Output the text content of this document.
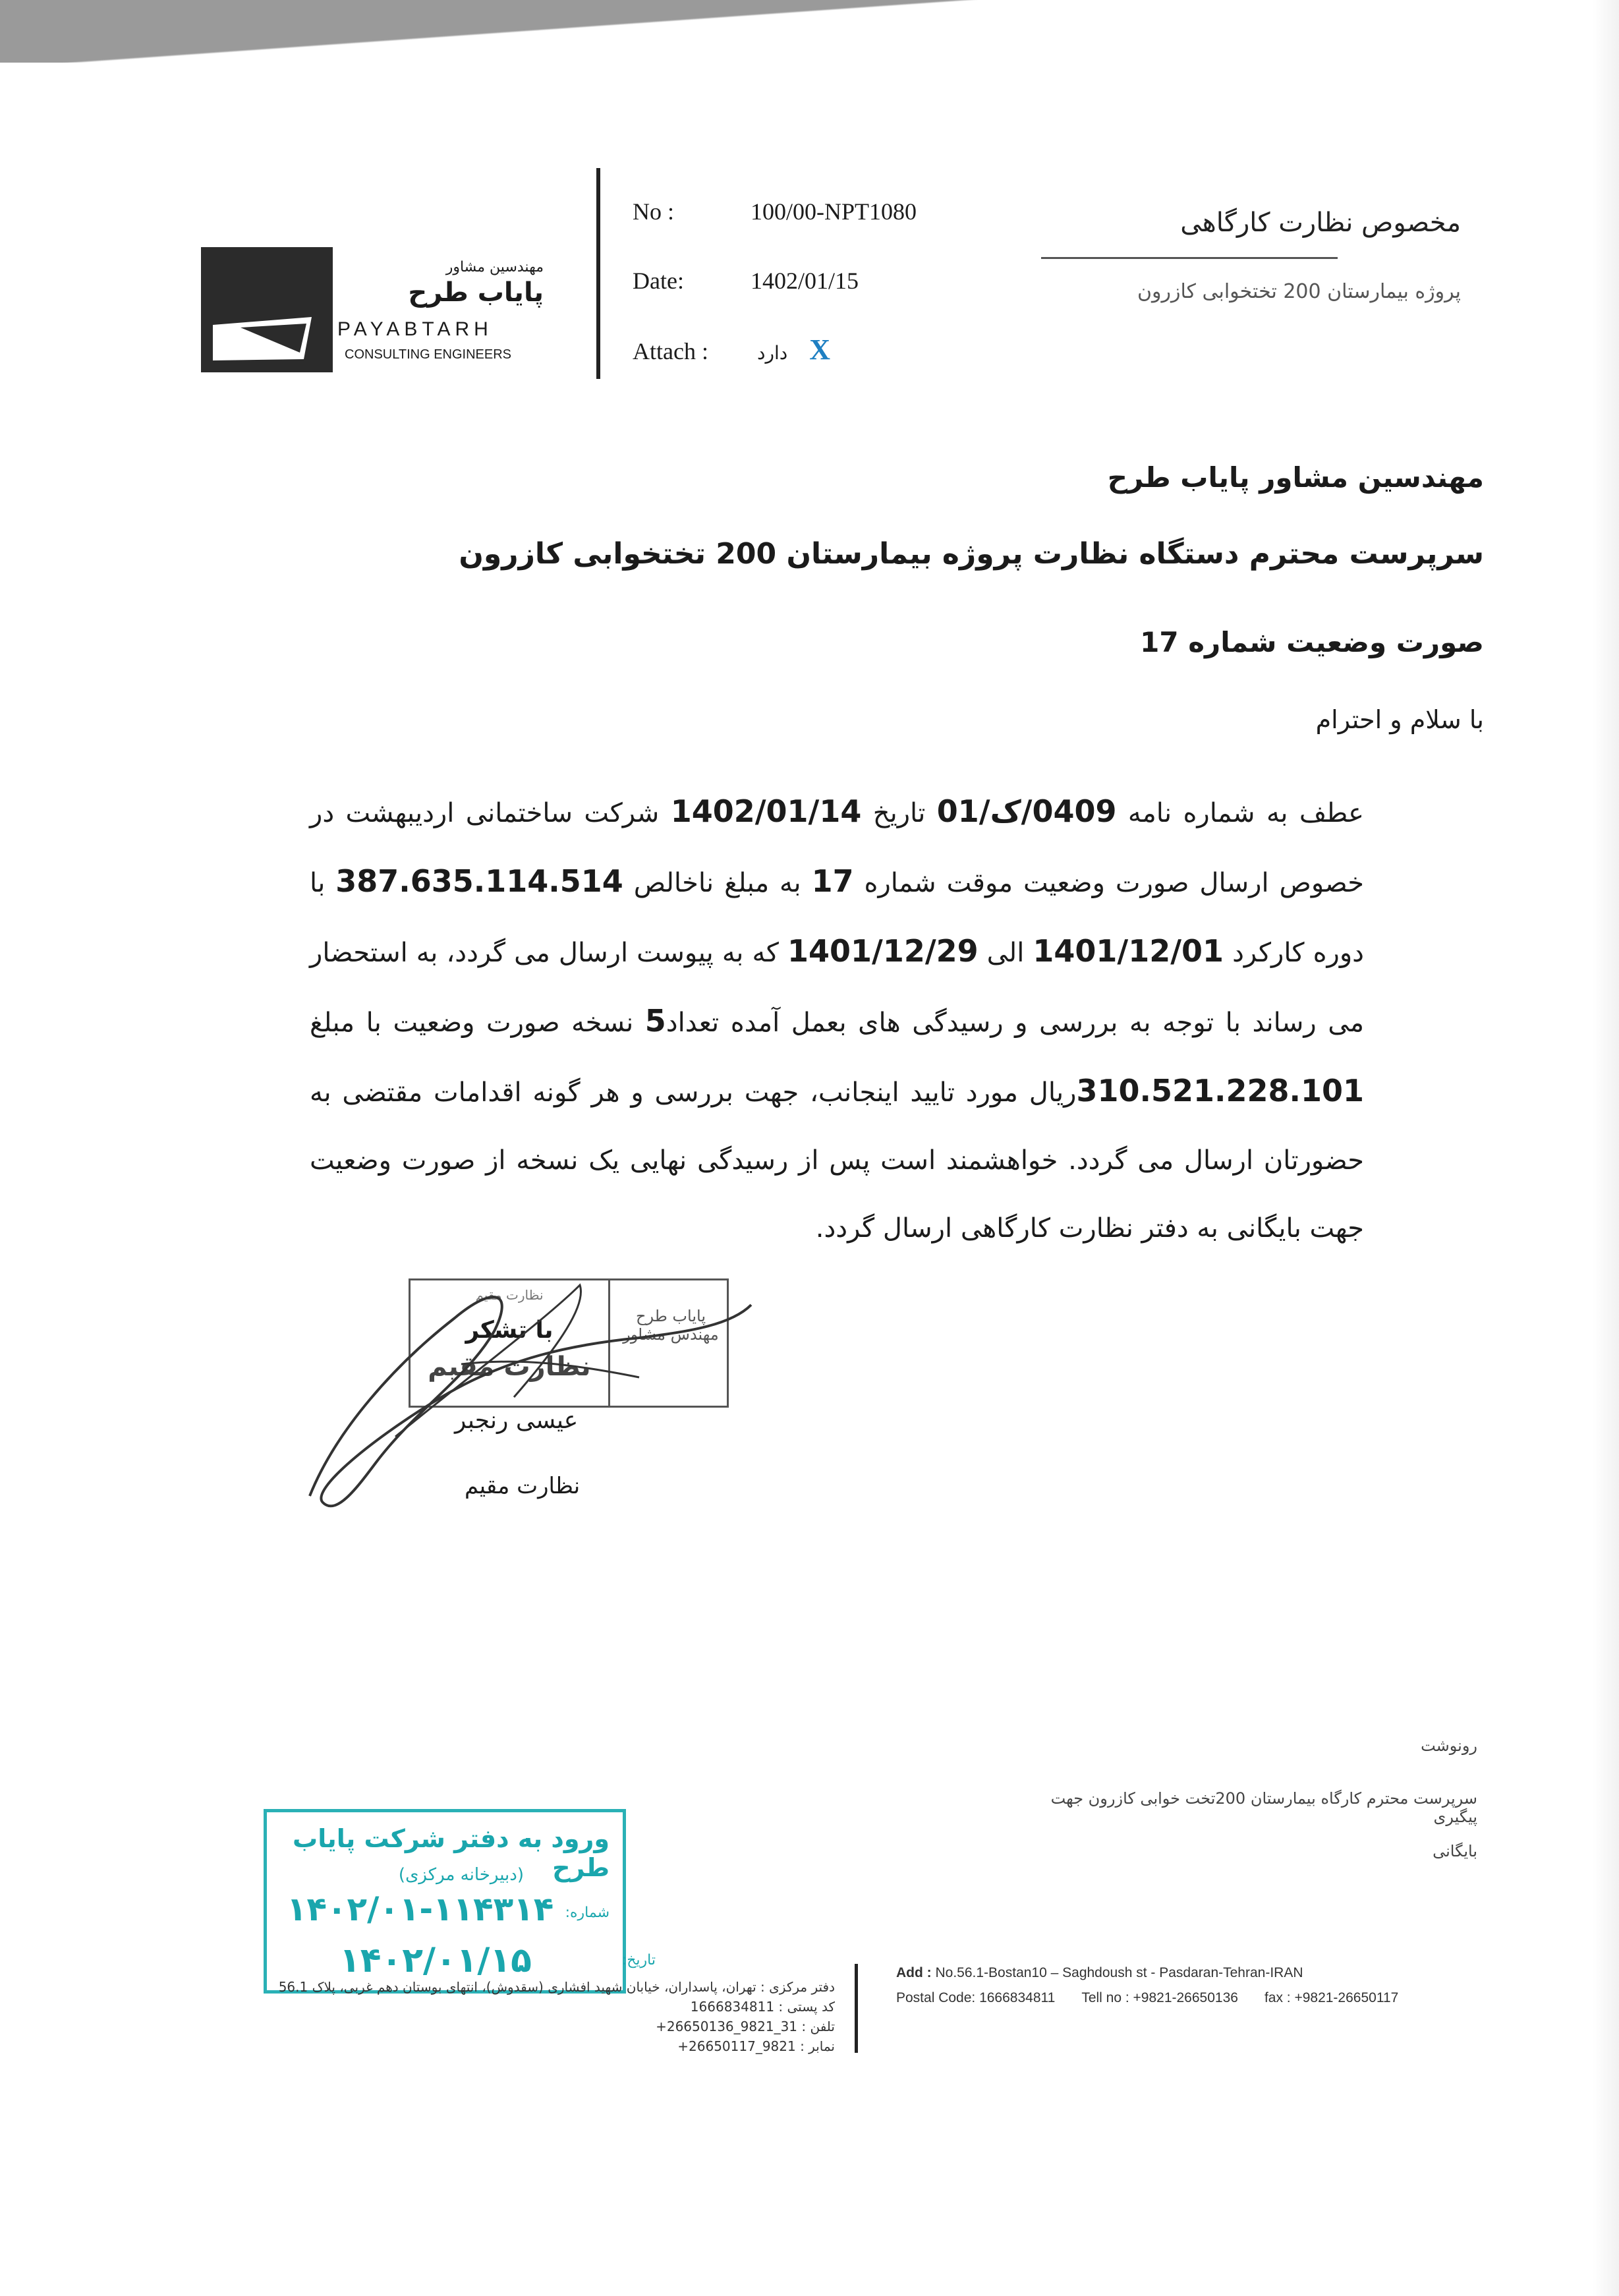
مهندسین مشاور
پایاب طرح
PAYABTARH
CONSULTING ENGINEERS
No :	100/00-NPT1080
Date:	1402/01/15
Attach :	دارد X
مخصوص نظارت کارگاهی
پروژه بیمارستان 200 تختخوابی کازرون
مهندسین مشاور پایاب طرح
سرپرست محترم دستگاه نظارت پروژه بیمارستان 200 تختخوابی کازرون
صورت وضعیت شماره 17
با سلام و احترام
عطف به شماره نامه 0409/ک/01 تاریخ 1402/01/14 شرکت ساختمانی اردیبهشت در خصوص ارسال صورت وضعیت موقت شماره 17 به مبلغ ناخالص 387.635.114.514 با دوره کارکرد 1401/12/01 الی 1401/12/29 که به پیوست ارسال می گردد، به استحضار می رساند با توجه به بررسی و رسیدگی های بعمل آمده تعداد5 نسخه صورت وضعیت با مبلغ 310.521.228.101ریال مورد تایید اینجانب، جهت بررسی و هر گونه اقدامات مقتضی به حضورتان ارسال می گردد. خواهشمند است پس از رسیدگی نهایی یک نسخه از صورت وضعیت جهت بایگانی به دفتر نظارت کارگاهی ارسال گردد.
نظارت مقیم
با تشکر
نظارت مقیم
پایاب طرح مهندس مشاور
عیسی رنجبر
نظارت مقیم
رونوشت
سرپرست محترم کارگاه بیمارستان 200تخت خوابی کازرون جهت پیگیری
بایگانی
ورود به دفتر شرکت پایاب طرح
(دبیرخانه مرکزی)
شماره:
۱۴۰۲/۰۱-۱۱۴۳۱۴
تاریخ:
۱۴۰۲/۰۱/۱۵
دفتر مرکزی : تهران، پاسداران، خیابان شهید افشاری (سقدوش)، انتهای بوستان دهم غربی، پلاک 56.1
کد پستی : 1666834811
تلفن : 31_9821_26650136+
نمابر : 9821_26650117+
Add : No.56.1-Bostan10 – Saghdoush st - Pasdaran-Tehran-IRAN
Postal Code: 1666834811 Tell no : +9821-26650136 fax : +9821-26650117
